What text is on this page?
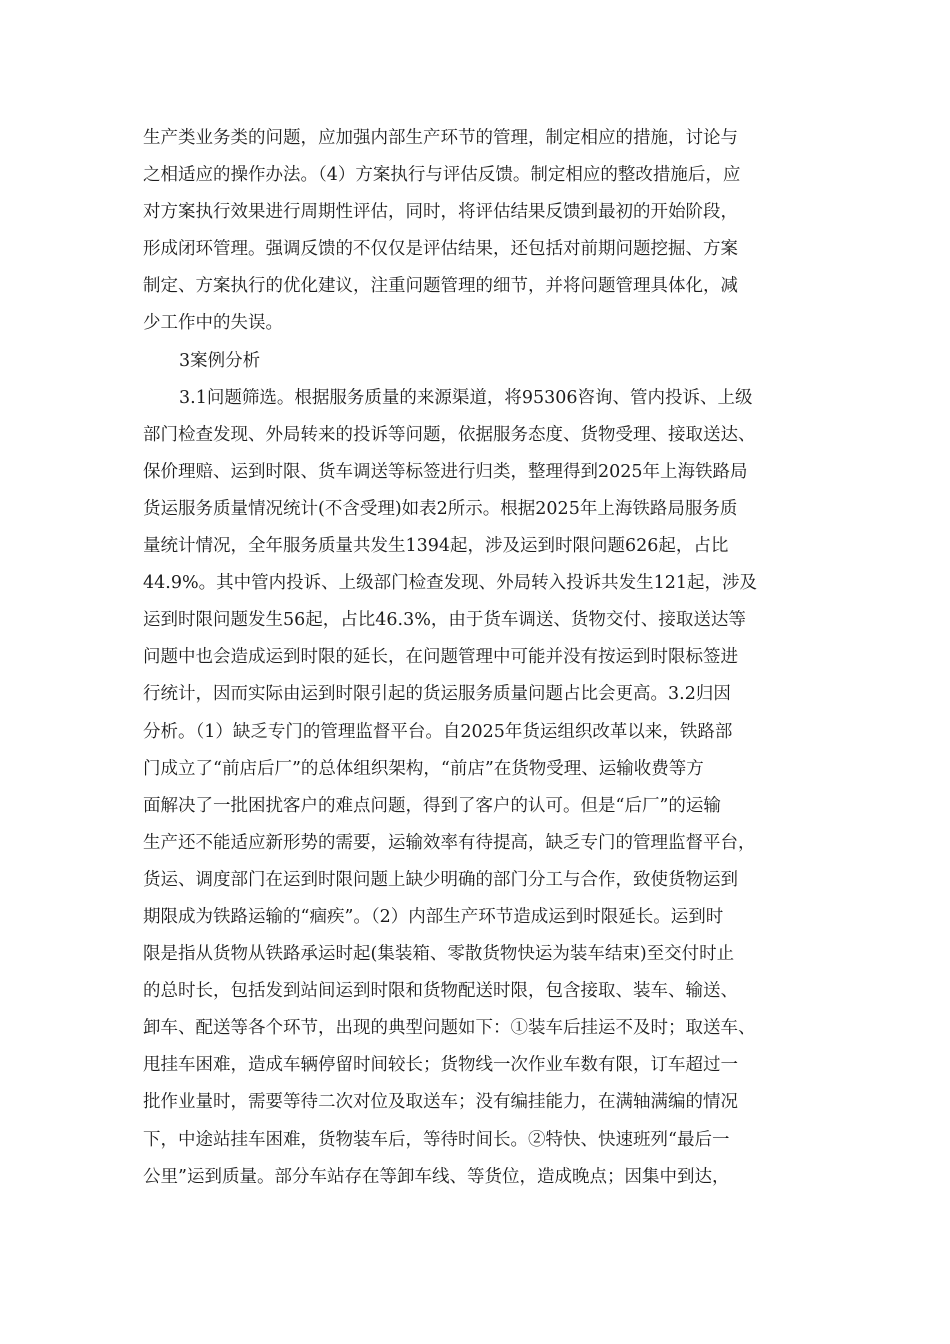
生产类业务类的问题，应加强内部生产环节的管理，制定相应的措施，讨论与
之相适应的操作办法。（4）方案执行与评估反馈。制定相应的整改措施后，应
对方案执行效果进行周期性评估，同时，将评估结果反馈到最初的开始阶段，
形成闭环管理。强调反馈的不仅仅是评估结果，还包括对前期问题挖掘、方案
制定、方案执行的优化建议，注重问题管理的细节，并将问题管理具体化，减
少工作中的失误。
3案例分析
3.1问题筛选。根据服务质量的来源渠道，将95306咨询、管内投诉、上级
部门检查发现、外局转来的投诉等问题，依据服务态度、货物受理、接取送达、
保价理赔、运到时限、货车调送等标签进行归类，整理得到2025年上海铁路局
货运服务质量情况统计(不含受理)如表2所示。根据2025年上海铁路局服务质
量统计情况，全年服务质量共发生1394起，涉及运到时限问题626起，占比
44.9%。其中管内投诉、上级部门检查发现、外局转入投诉共发生121起，涉及
运到时限问题发生56起，占比46.3%，由于货车调送、货物交付、接取送达等
问题中也会造成运到时限的延长，在问题管理中可能并没有按运到时限标签进
行统计，因而实际由运到时限引起的货运服务质量问题占比会更高。3.2归因
分析。（1）缺乏专门的管理监督平台。自2025年货运组织改革以来，铁路部
门成立了“前店后厂”的总体组织架构，“前店”在货物受理、运输收费等方
面解决了一批困扰客户的难点问题，得到了客户的认可。但是“后厂”的运输
生产还不能适应新形势的需要，运输效率有待提高，缺乏专门的管理监督平台，
货运、调度部门在运到时限问题上缺少明确的部门分工与合作，致使货物运到
期限成为铁路运输的“痼疾”。（2）内部生产环节造成运到时限延长。运到时
限是指从货物从铁路承运时起(集装箱、零散货物快运为装车结束)至交付时止
的总时长，包括发到站间运到时限和货物配送时限，包含接取、装车、输送、
卸车、配送等各个环节，出现的典型问题如下：①装车后挂运不及时；取送车、
甩挂车困难，造成车辆停留时间较长；货物线一次作业车数有限，订车超过一
批作业量时，需要等待二次对位及取送车；没有编挂能力，在满轴满编的情况
下，中途站挂车困难，货物装车后，等待时间长。②特快、快速班列“最后一
公里”运到质量。部分车站存在等卸车线、等货位，造成晚点；因集中到达，
